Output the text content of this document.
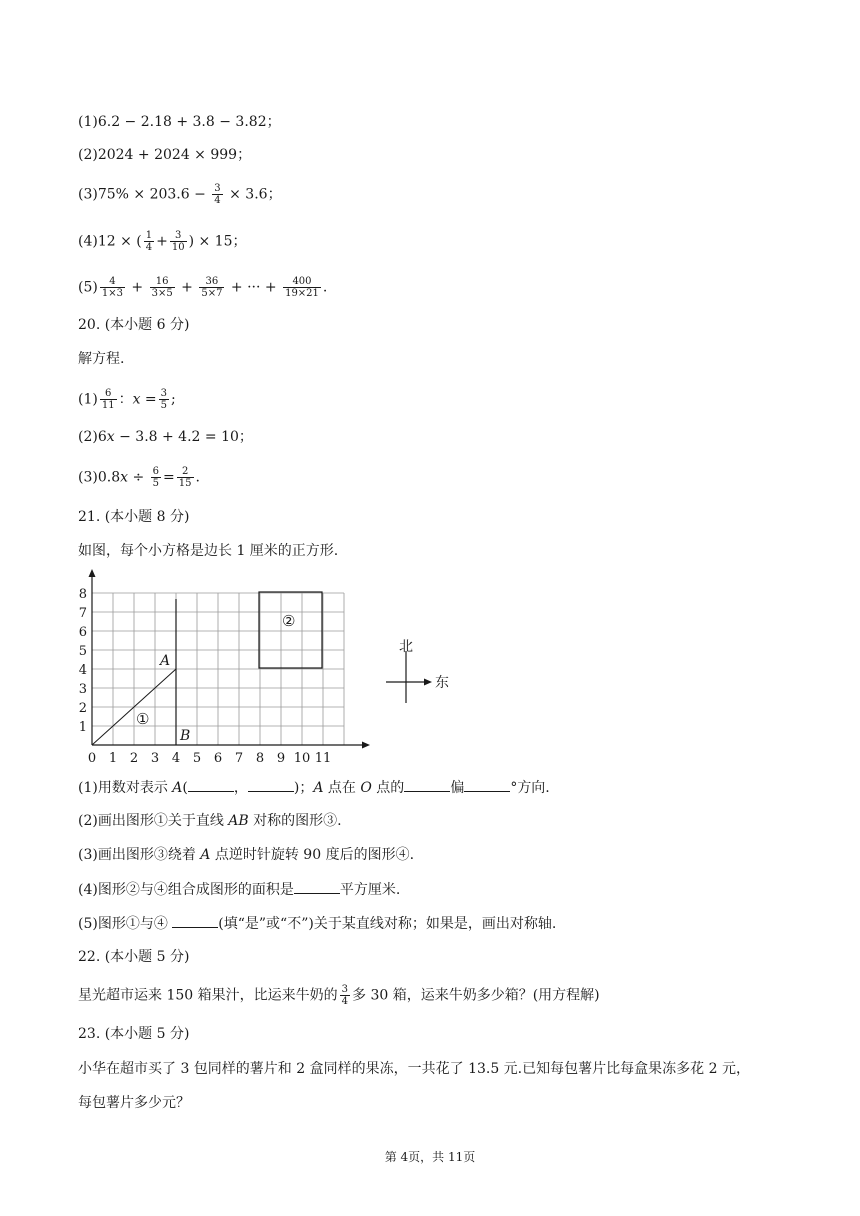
(1)6.2 − 2.18 + 3.8 − 3.82；
(2)2024 + 2024 × 999；
$(3)75\% \times 203.6 - \frac{3}{4} \times 3.6$；
(4)12 × ( $\frac{1}{4} + \frac{3}{10}$ ) × 15；
$(5) \frac{4}{1\times 3} + \frac{16}{3\times 5} + \frac{36}{5\times 7}$ + ··· + $\frac{400}{19\times 21}$ .
20. (本小题 6 分)
解方程.
$(1) \frac{6}{11}$ ：$x = \frac{3}{5}$ ;
(2)6x − 3.8 + 4.2 = 10；
$(3)0.8x \div \frac{6}{5} = \frac{2}{15}$ .
21. (本小题 8 分)
如图，每个小方格是边长 1 厘米的正方形.
0 1 2 3 4 5 6 7 8 9 10 11
1
2
3
4
5
6
7
8
A
B
①
②
北
东
(1)用数对表示 A(	，	)；A 点在 O 点的	偏	°方向.
(2)画出图形①关于直线 AB 对称的图形③.
(3)画出图形③绕着 A 点逆时针旋转 90 度后的图形④.
(4)图形②与④组合成图形的面积是	平方厘米.
(5)图形①与④	(填“是”或“不”)关于某直线对称；如果是，画出对称轴.
22. (本小题 5 分)
星光超市运来 150 箱果汁，比运来牛奶的 $\frac{3}{4}$ 多 30 箱，运来牛奶多少箱？(用方程解)
23. (本小题 5 分)
小华在超市买了 3 包同样的薯片和 2 盒同样的果冻，一共花了 13.5 元.已知每包薯片比每盒果冻多花 2 元，
每包薯片多少元？
第 4页，共 11页
